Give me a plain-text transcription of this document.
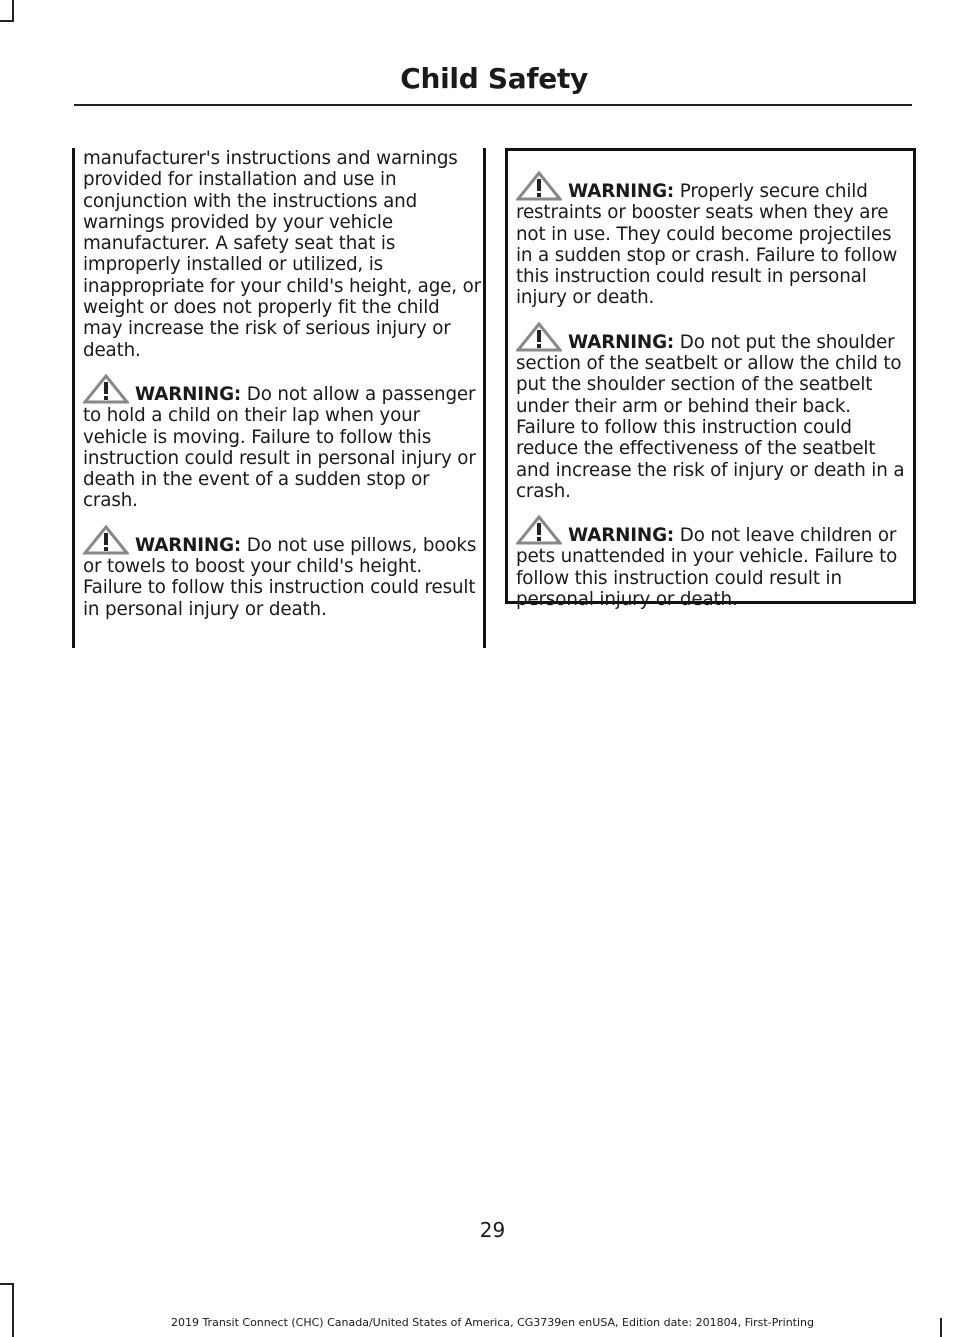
Child Safety

manufacturer's instructions and warnings provided for installation and use in conjunction with the instructions and warnings provided by your vehicle manufacturer. A safety seat that is improperly installed or utilized, is inappropriate for your child's height, age, or weight or does not properly fit the child may increase the risk of serious injury or death.

WARNING: Do not allow a passenger to hold a child on their lap when your vehicle is moving. Failure to follow this instruction could result in personal injury or death in the event of a sudden stop or crash.

WARNING: Do not use pillows, books or towels to boost your child's height. Failure to follow this instruction could result in personal injury or death.

WARNING: Properly secure child restraints or booster seats when they are not in use. They could become projectiles in a sudden stop or crash. Failure to follow this instruction could result in personal injury or death.

WARNING: Do not put the shoulder section of the seatbelt or allow the child to put the shoulder section of the seatbelt under their arm or behind their back. Failure to follow this instruction could reduce the effectiveness of the seatbelt and increase the risk of injury or death in a crash.

WARNING: Do not leave children or pets unattended in your vehicle. Failure to follow this instruction could result in personal injury or death.

29

2019 Transit Connect (CHC) Canada/United States of America, CG3739en enUSA, Edition date: 201804, First-Printing
